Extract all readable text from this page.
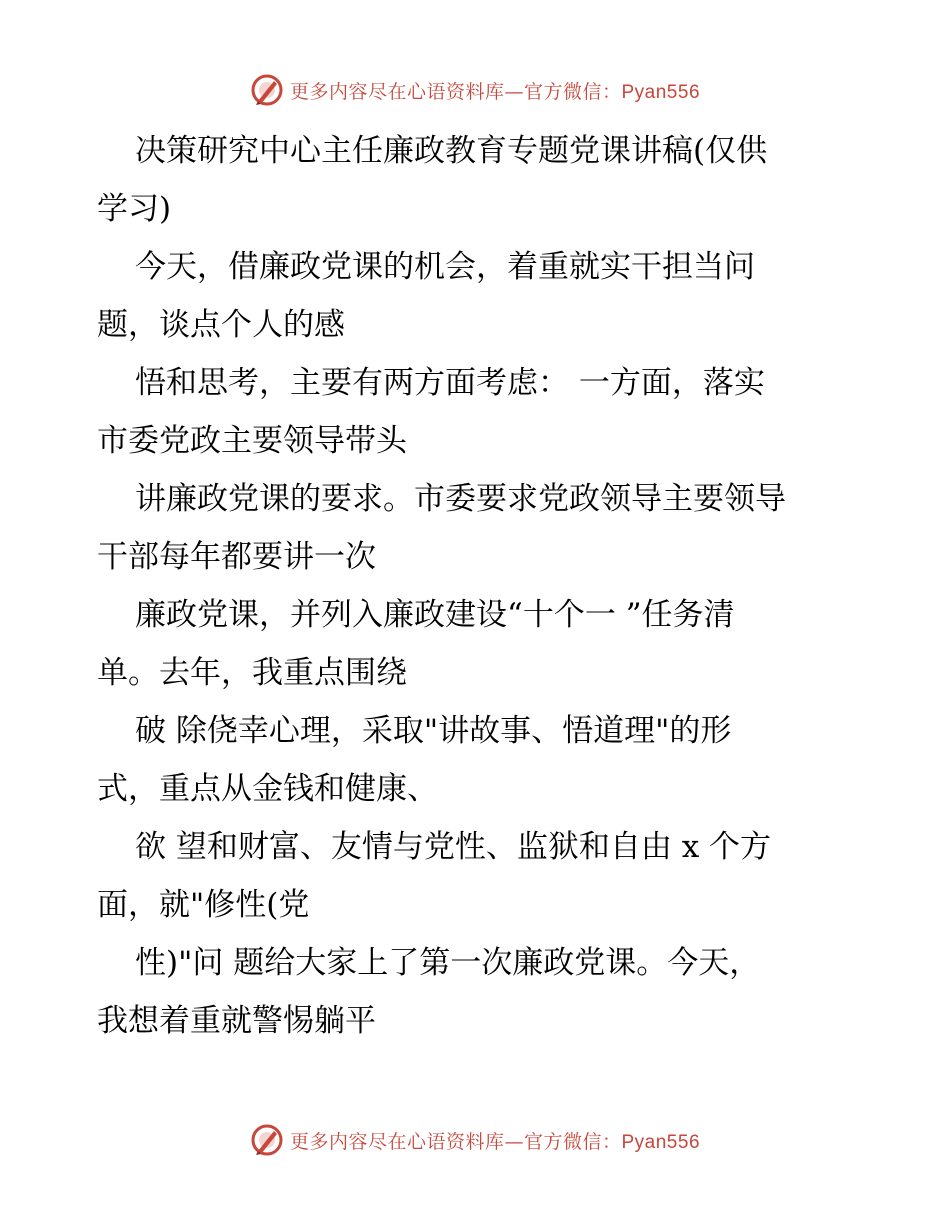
更多内容尽在心语资料库—官方微信：Pyan556

决策研究中心主任廉政教育专题党课讲稿(仅供
学习)

今天，借廉政党课的机会，着重就实干担当问
题，谈点个人的感

悟和思考，主要有两方面考虑： 一方面，落实
市委党政主要领导带头

讲廉政党课的要求。市委要求党政领导主要领导
干部每年都要讲一次

廉政党课，并列入廉政建设“十个一 ”任务清
单。去年，我重点围绕

破 除侥幸心理，采取"讲故事、悟道理"的形
式，重点从金钱和健康、

欲 望和财富、友情与党性、监狱和自由 x 个方
面，就"修性(党

性)"问 题给大家上了第一次廉政党课。今天，
我想着重就警惕躺平

更多内容尽在心语资料库—官方微信：Pyan556
